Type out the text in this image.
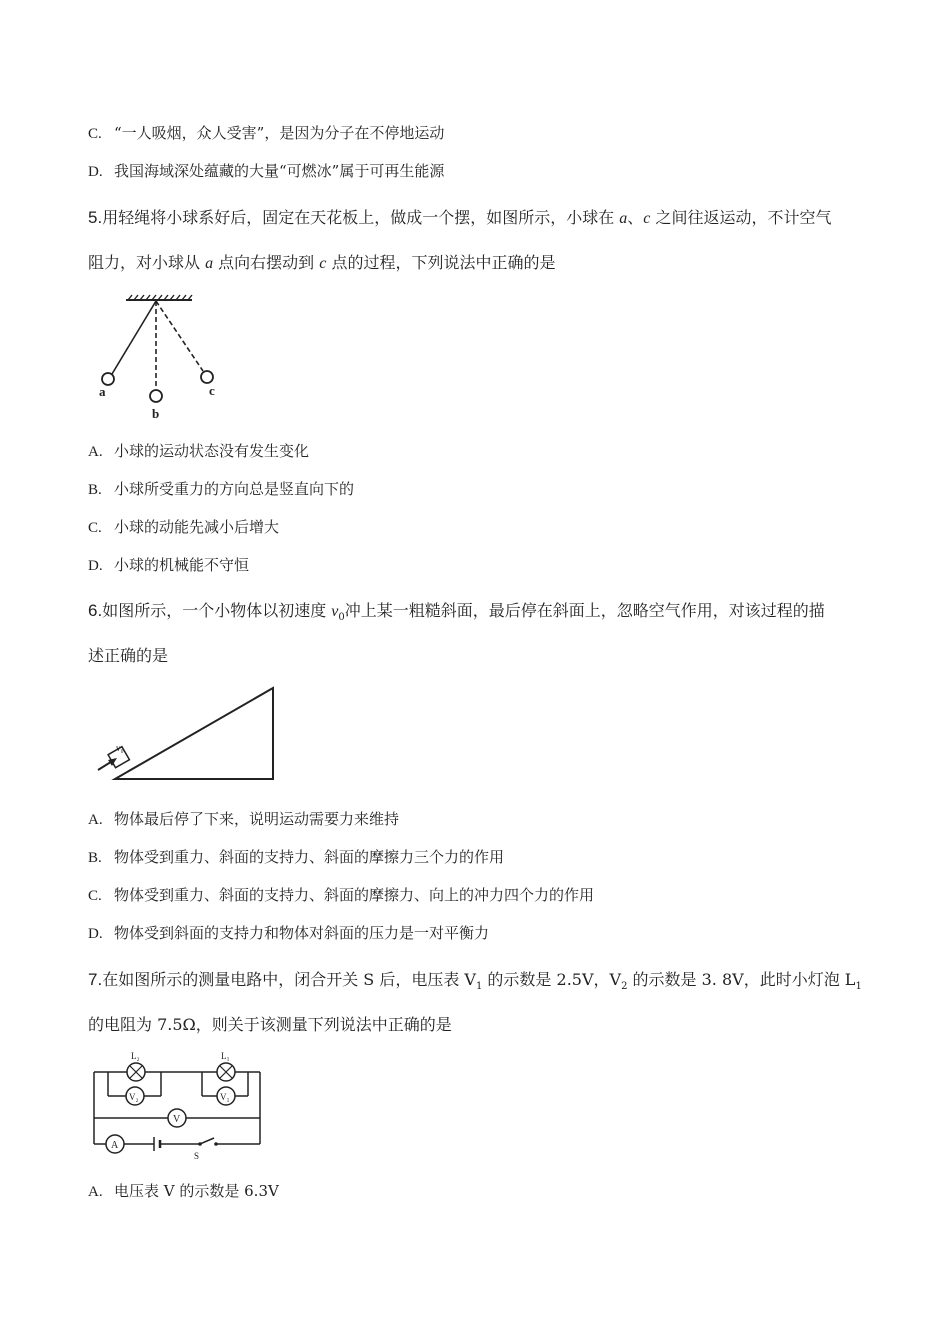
C. “一人吸烟，众人受害”，是因为分子在不停地运动
D. 我国海域深处蕴藏的大量“可燃冰”属于可再生能源
5.用轻绳将小球系好后，固定在天花板上，做成一个摆，如图所示，小球在 a、c 之间往返运动，不计空气
阻力，对小球从 a 点向右摆动到 c 点的过程，下列说法中正确的是
a
b
c
A. 小球的运动状态没有发生变化
B. 小球所受重力的方向总是竖直向下的
C. 小球的动能先减小后增大
D. 小球的机械能不守恒
6.如图所示，一个小物体以初速度 $v_0$冲上某一粗糙斜面，最后停在斜面上，忽略空气作用，对该过程的描
述正确的是
v₀
A. 物体最后停了下来，说明运动需要力来维持
B. 物体受到重力、斜面的支持力、斜面的摩擦力三个力的作用
C. 物体受到重力、斜面的支持力、斜面的摩擦力、向上的冲力四个力的作用
D. 物体受到斜面的支持力和物体对斜面的压力是一对平衡力
7.在如图所示的测量电路中，闭合开关 S 后，电压表 $V_1$ 的示数是 2.5V，$V_2$ 的示数是 3. 8V，此时小灯泡 $L_1$
的电阻为 7.5Ω，则关于该测量下列说法中正确的是
S
L₂	L₁
V₂	V₁
V
A
A. 电压表 V 的示数是 6.3V
